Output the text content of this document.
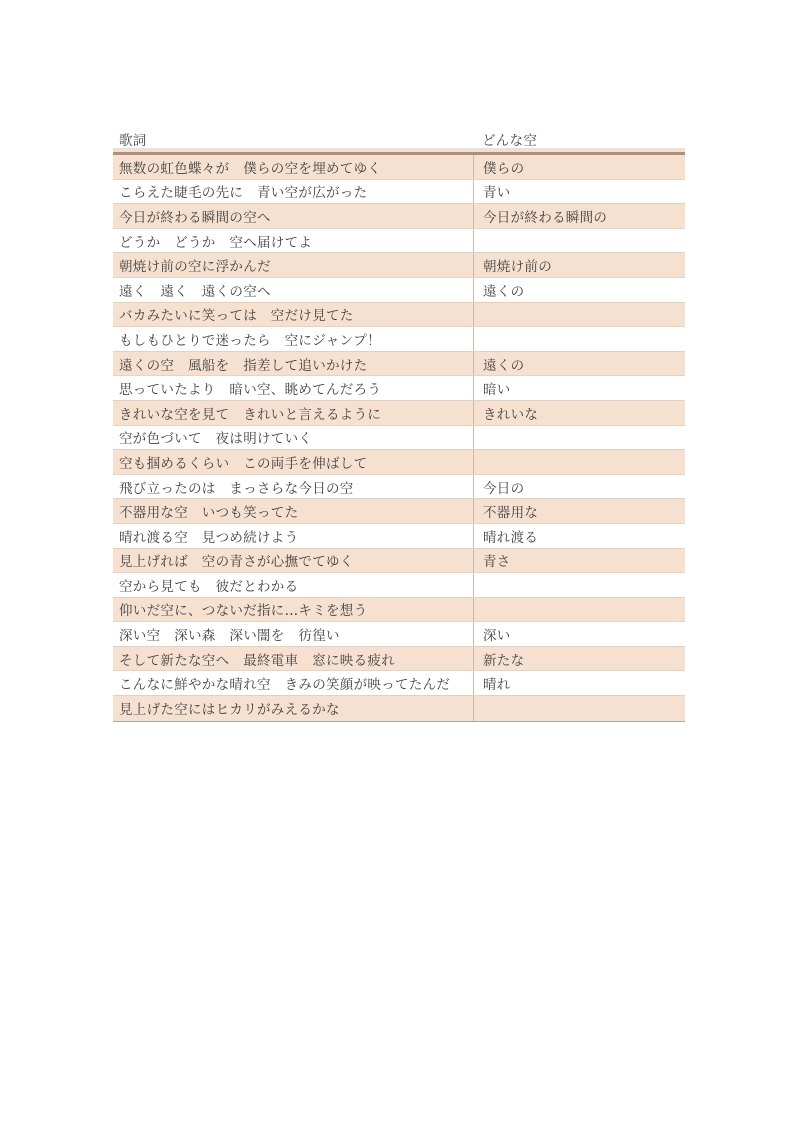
歌詞	どんな空
無数の虹色蝶々が　僕らの空を埋めてゆく	僕らの
こらえた睫毛の先に　青い空が広がった	青い
今日が終わる瞬間の空へ	今日が終わる瞬間の
どうか　どうか　空へ届けてよ
朝焼け前の空に浮かんだ	朝焼け前の
遠く　遠く　遠くの空へ	遠くの
バカみたいに笑っては　空だけ見てた
もしもひとりで迷ったら　空にジャンプ！
遠くの空　風船を　指差して追いかけた	遠くの
思っていたより　暗い空、眺めてんだろう	暗い
きれいな空を見て　きれいと言えるように	きれいな
空が色づいて　夜は明けていく
空も掴めるくらい　この両手を伸ばして
飛び立ったのは　まっさらな今日の空	今日の
不器用な空　いつも笑ってた	不器用な
晴れ渡る空　見つめ続けよう	晴れ渡る
見上げれば　空の青さが心撫でてゆく	青さ
空から見ても　彼だとわかる
仰いだ空に、つないだ指に…キミを想う
深い空　深い森　深い闇を　彷徨い	深い
そして新たな空へ　最終電車　窓に映る疲れ	新たな
こんなに鮮やかな晴れ空　きみの笑顔が映ってたんだ	晴れ
見上げた空にはヒカリがみえるかな
